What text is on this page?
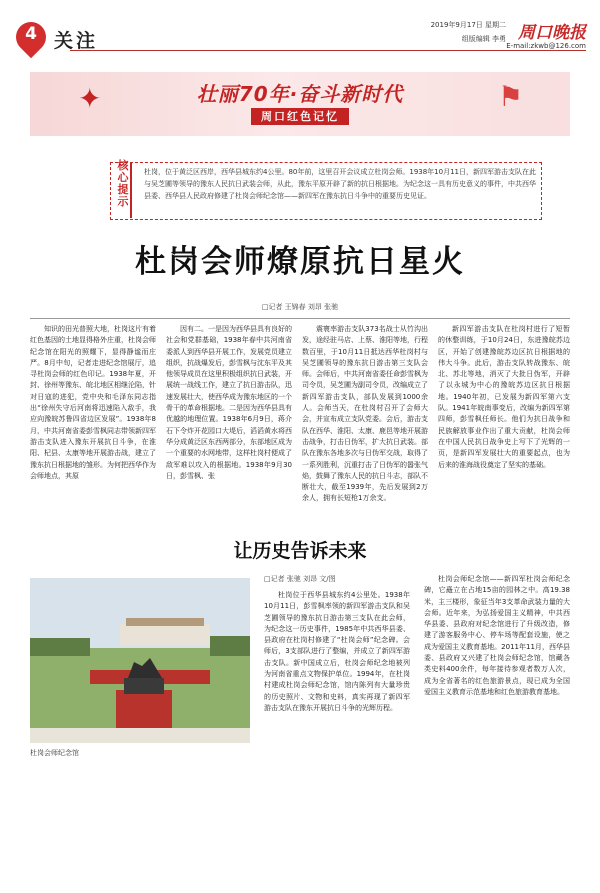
4 关注
2019年9月17日 星期二
组版编辑 李勇 周口晚报
E-mail:zkwb@126.com
✦	⚑
壮丽70年·奋斗新时代
周口红色记忆
核心提示
杜岗，位于黄泛区西岸，西华县城东约4公里。80年前，这里召开会议成立杜岗会师。1938年10月11日，新四军游击支队在此与吴芝圃等领导的豫东人民抗日武装会师，从此，豫东平原开辟了新的抗日根据地。为纪念这一具有历史意义的事件，中共西华县委、西华县人民政府修建了杜岗会师纪念馆——新四军在豫东抗日斗争中的重要历史见证。
杜岗会师燎原抗日星火
□记者 王锦春 刘昂 张驰

知识的田光普照大地，杜岗这片有着红色基因的土地显得格外庄重，杜岗会师纪念馆在阳光的照耀下，显得静谧而庄严。8月中旬，记者走进纪念馆展厅，追寻杜岗会师的红色印记。1938年夏，开封、徐州等豫东、皖北地区相继沦陷，针对日寇的进犯，党中央和毛泽东同志指出“徐州失守后河南将迅速陷入敌手，我应向豫皖苏鲁四省边区发展”。1938年8月，中共河南省委彭雪枫同志带领新四军游击支队进入豫东开展抗日斗争，在淮阳、杞县、太康等地开展游击战，建立了豫东抗日根据地的雏形。为何把西华作为会师地点，其原

因有二。一是因为西华县具有良好的社会和党群基础，1938年春中共河南省委派人到西华县开展工作，发展党员建立组织，抗战爆发后，彭雪枫与沈东平及其他领导成员在这里积极组织抗日武装，开展统一战线工作，建立了抗日游击队，迅速发展壮大，使西华成为豫东地区的一个骨干的革命根据地。二是因为西华县具有优越的地理位置。1938年6月9日，蒋介石下令炸开花园口大堤后，滔滔黄水将西华分成黄泛区东西两部分，东部地区成为一个重要的水网地带，这样杜岗村便成了敌军难以攻入的根据地。1938年9月30日，彭雪枫、张

震寰率游击支队373名战士从竹沟出发，途经驻马店、上蔡、淮阳等地，行程数百里，于10月11日抵达西华杜岗村与吴芝圃领导的豫东抗日游击第三支队会师。会师后，中共河南省委任命彭雪枫为司令员，吴芝圃为副司令员，改编成立了新四军游击支队，部队发展到1000余人。会师当天，在杜岗村召开了会师大会，并宣布成立支队党委。会后，游击支队在西华、淮阳、太康、鹿邑等地开展游击战争，打击日伪军，扩大抗日武装。部队在豫东各地多次与日伪军交战，取得了一系列胜利，沉重打击了日伪军的嚣张气焰，鼓舞了豫东人民的抗日斗志，部队不断壮大，截至1939年，先后发展到2万余人，拥有长短枪1万余支。

新四军游击支队在杜岗村进行了短暂的休整训练，于10月24日，东进豫皖苏边区，开始了创建豫皖苏边区抗日根据地的伟大斗争。此后，游击支队转战豫东、皖北、苏北等地，消灭了大批日伪军，开辟了以永城为中心的豫皖苏边区抗日根据地。1940年初，已发展为新四军第六支队。1941年皖南事变后，改编为新四军第四师，彭雪枫任师长。他们为抗日战争和民族解放事业作出了重大贡献，杜岗会师在中国人民抗日战争史上写下了光辉的一页，是新四军发展壮大的重要起点，也为后来的淮海战役奠定了坚实的基础。

让历史告诉未来
杜岗会师纪念馆
□记者 张驰 刘昂 文/图

杜岗位于西华县城东约4公里处。1938年10月11日，彭雪枫率领的新四军游击支队和吴芝圃领导的豫东抗日游击第三支队在此会师，为纪念这一历史事件，1985年中共西华县委、县政府在杜岗村修建了“杜岗会师”纪念碑。会师后，3支部队进行了整编，并成立了新四军游击支队。新中国成立后，杜岗会师纪念地被列为河南省重点文物保护单位。1994年，在杜岗村建成杜岗会师纪念馆，馆内陈列有大量珍贵的历史照片、文物和史料，真实再现了新四军游击支队在豫东开展抗日斗争的光辉历程。

杜岗会师纪念馆——新四军杜岗会师纪念碑，它矗立在占地15亩的园林之中。高19.38米，主三楼形，象征当年3支革命武装力量的大会师。近年来，为弘扬爱国主义精神，中共西华县委、县政府对纪念馆进行了升级改造，修建了游客服务中心、停车场等配套设施，使之成为爱国主义教育基地。2011年11月，西华县委、县政府又兴建了杜岗会师纪念馆，馆藏各类史料400余件，每年接待参观者数万人次，成为全省著名的红色旅游景点，现已成为全国爱国主义教育示范基地和红色旅游教育基地。
